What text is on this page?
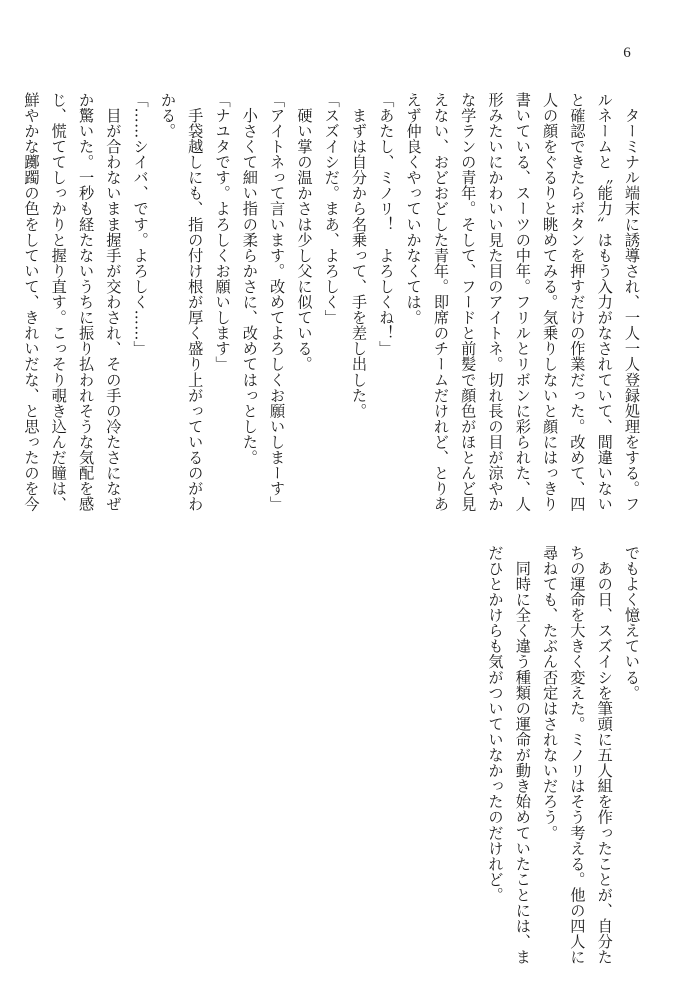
6
　ターミナル端末に誘導され、一人一人登録処理をする。フ
ルネームと〝能力〟はもう入力がなされていて、間違いない
と確認できたらボタンを押すだけの作業だった。改めて、四
人の顔をぐるりと眺めてみる。気乗りしないと顔にはっきり
書いている、スーツの中年。フリルとリボンに彩られた、人
形みたいにかわいい見た目のアイトネ。切れ長の目が涼やか
な学ランの青年。そして、フードと前髪で顔色がほとんど見
えない、おどおどした青年。即席のチームだけれど、とりあ
えず仲良くやっていかなくては。
「あたし、ミノリ！　よろしくね！」
　まずは自分から名乗って、手を差し出した。
「スズイシだ。まあ、よろしく」
　硬い掌の温かさは少し父に似ている。
「アイトネって言います。改めてよろしくお願いしまーす」
　小さくて細い指の柔らかさに、改めてはっとした。
「ナユタです。よろしくお願いします」
　手袋越しにも、指の付け根が厚く盛り上がっているのがわ
かる。
「……シイバ、です。よろしく……」
　目が合わないまま握手が交わされ、その手の冷たさになぜ
か驚いた。一秒も経たないうちに振り払われそうな気配を感
じ、慌ててしっかりと握り直す。こっそり覗き込んだ瞳は、
鮮やかな躑躅の色をしていて、きれいだな、と思ったのを今
でもよく憶えている。
　あの日、スズイシを筆頭に五人組を作ったことが、自分た
ちの運命を大きく変えた。ミノリはそう考える。他の四人に
尋ねても、たぶん否定はされないだろう。
　同時に全く違う種類の運命が動き始めていたことには、ま
だひとかけらも気がついていなかったのだけれど。
